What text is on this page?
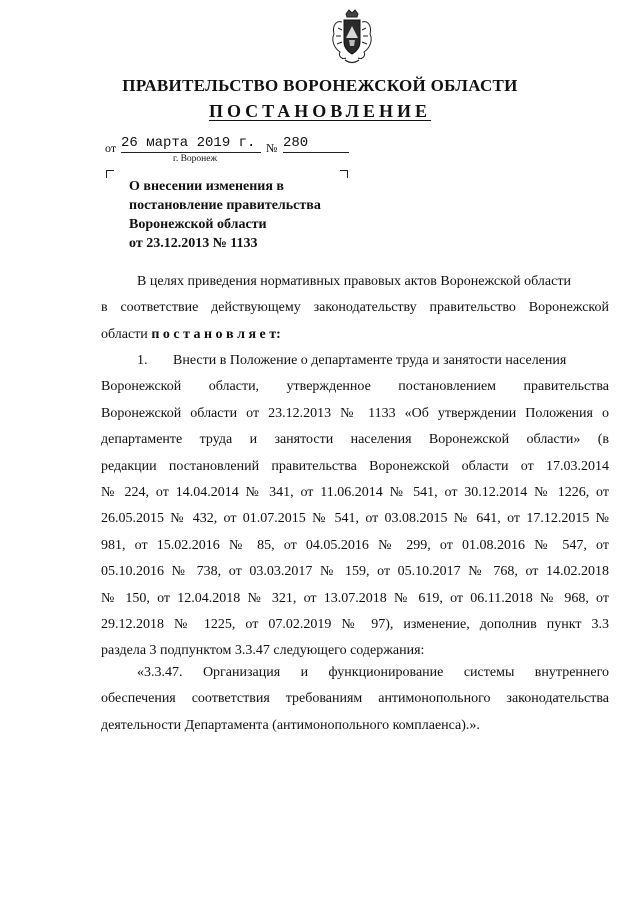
ПРАВИТЕЛЬСТВО ВОРОНЕЖСКОЙ ОБЛАСТИ
ПОСТАНОВЛЕНИЕ
от 26 марта 2019 г. № 280
г. Воронеж
О внесении изменения в
постановление правительства
Воронежской области
от 23.12.2013 № 1133
В целях приведения нормативных правовых актов Воронежской области
в соответствие действующему законодательству правительство Воронежской
области п о с т а н о в л я е т:
1. Внести в Положение о департаменте труда и занятости населения
Воронежской области, утвержденное постановлением правительства
Воронежской области от 23.12.2013 № 1133 «Об утверждении Положения о
департаменте труда и занятости населения Воронежской области» (в
редакции постановлений правительства Воронежской области от 17.03.2014
№ 224, от 14.04.2014 № 341, от 11.06.2014 № 541, от 30.12.2014 № 1226, от
26.05.2015 № 432, от 01.07.2015 № 541, от 03.08.2015 № 641, от 17.12.2015 №
981, от 15.02.2016 № 85, от 04.05.2016 № 299, от 01.08.2016 № 547, от
05.10.2016 № 738, от 03.03.2017 № 159, от 05.10.2017 № 768, от 14.02.2018
№ 150, от 12.04.2018 № 321, от 13.07.2018 № 619, от 06.11.2018 № 968, от
29.12.2018 № 1225, от 07.02.2019 № 97), изменение, дополнив пункт 3.3
раздела 3 подпунктом 3.3.47 следующего содержания:
«3.3.47. Организация и функционирование системы внутреннего
обеспечения соответствия требованиям антимонопольного законодательства
деятельности Департамента (антимонопольного комплаенса).».
